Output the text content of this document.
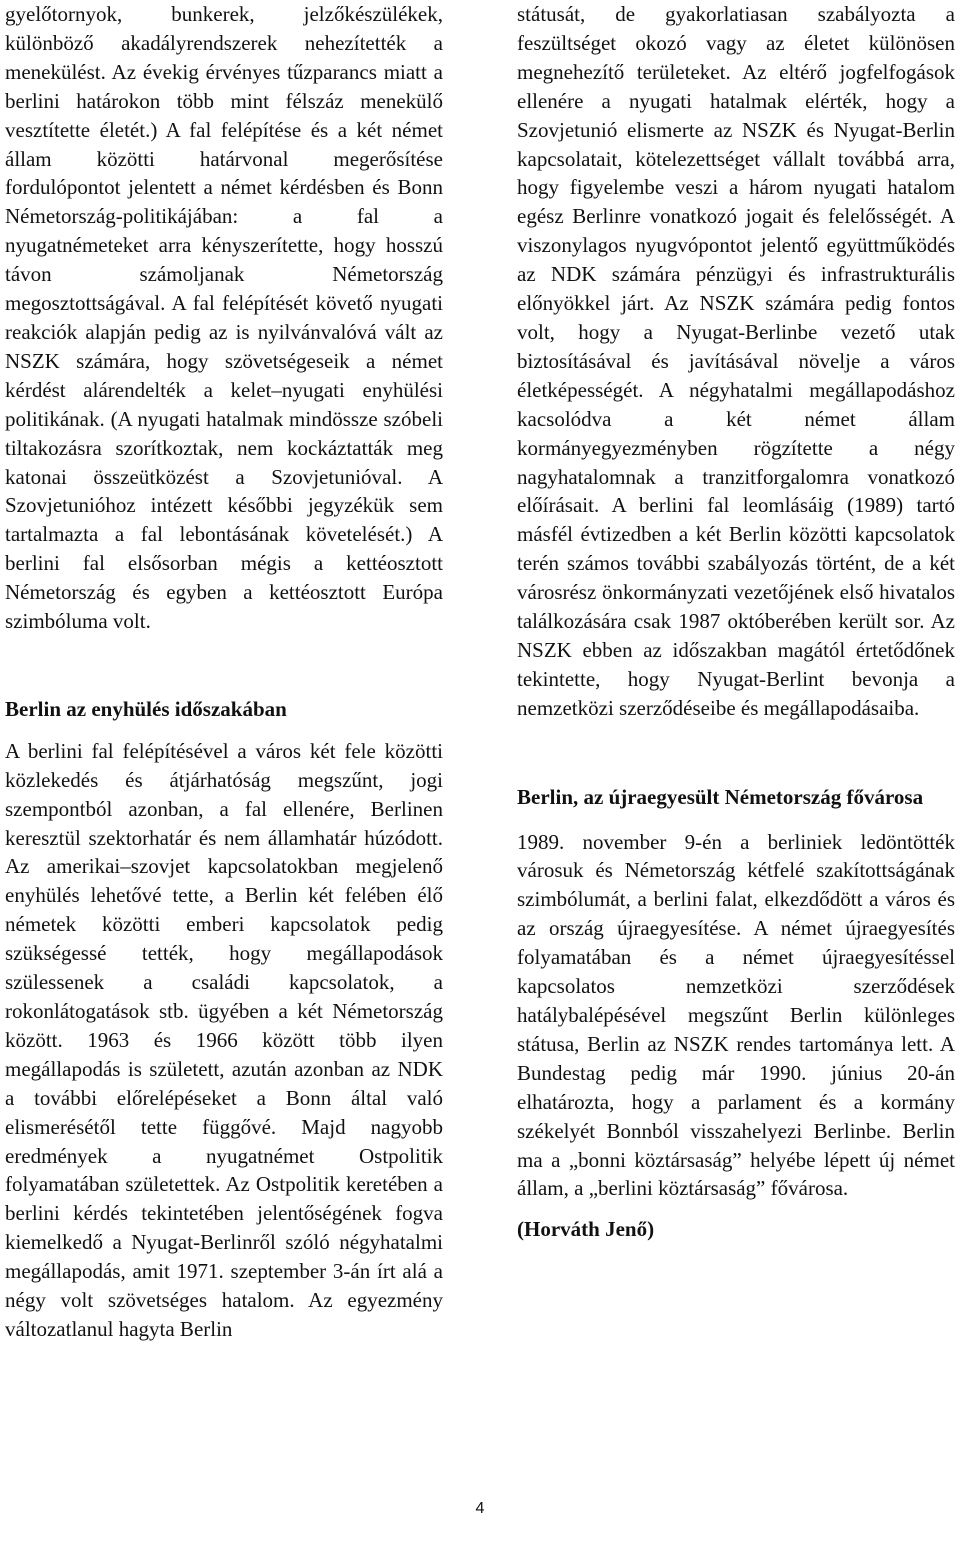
gyelőtornyok, bunkerek, jelzőkészülékek, különböző akadályrendszerek nehezítették a menekülést. Az évekig érvényes tűzparancs miatt a berlini határokon több mint félszáz menekülő vesztítette életét.) A fal felépítése és a két német állam közötti határvonal megerősítése fordulópontot jelentett a német kérdésben és Bonn Németország-politikájában: a fal a nyugatnémeteket arra kényszerítette, hogy hosszú távon számoljanak Németország megosztottságával. A fal felépítését követő nyugati reakciók alapján pedig az is nyilvánvalóvá vált az NSZK számára, hogy szövetségeseik a német kérdést alárendelték a kelet–nyugati enyhülési politikának. (A nyugati hatalmak mindössze szóbeli tiltakozásra szorítkoztak, nem kockáztatták meg katonai összeütközést a Szovjetunióval. A Szovjetunióhoz intézett későbbi jegyzékük sem tartalmazta a fal lebontásának követelését.) A berlini fal elsősorban mégis a kettéosztott Németország és egyben a kettéosztott Európa szimbóluma volt.

Berlin az enyhülés időszakában

A berlini fal felépítésével a város két fele közötti közlekedés és átjárhatóság megszűnt, jogi szempontból azonban, a fal ellenére, Berlinen keresztül szektorhatár és nem államhatár húzódott. Az amerikai–szovjet kapcsolatokban megjelenő enyhülés lehetővé tette, a Berlin két felében élő németek közötti emberi kapcsolatok pedig szükségessé tették, hogy megállapodások szülessenek a családi kapcsolatok, a rokonlátogatások stb. ügyében a két Németország között. 1963 és 1966 között több ilyen megállapodás is született, azután azonban az NDK a további előrelépéseket a Bonn által való elismerésétől tette függővé. Majd nagyobb eredmények a nyugatnémet Ostpolitik folyamatában születettek. Az Ostpolitik keretében a berlini kérdés tekintetében jelentőségének fogva kiemelkedő a Nyugat-Berlinről szóló négyhatalmi megállapodás, amit 1971. szeptember 3-án írt alá a négy volt szövetséges hatalom. Az egyezmény változatlanul hagyta Berlin

státusát, de gyakorlatiasan szabályozta a feszültséget okozó vagy az életet különösen megnehezítő területeket. Az eltérő jogfelfogások ellenére a nyugati hatalmak elérték, hogy a Szovjetunió elismerte az NSZK és Nyugat-Berlin kapcsolatait, kötelezettséget vállalt továbbá arra, hogy figyelembe veszi a három nyugati hatalom egész Berlinre vonatkozó jogait és felelősségét. A viszonylagos nyugvópontot jelentő együttműködés az NDK számára pénzügyi és infrastrukturális előnyökkel járt. Az NSZK számára pedig fontos volt, hogy a Nyugat-Berlinbe vezető utak biztosításával és javításával növelje a város életképességét. A négyhatalmi megállapodáshoz kacsolódva a két német állam kormányegyezményben rögzítette a négy nagyhatalomnak a tranzitforgalomra vonatkozó előírásait. A berlini fal leomlásáig (1989) tartó másfél évtizedben a két Berlin közötti kapcsolatok terén számos további szabályozás történt, de a két városrész önkormányzati vezetőjének első hivatalos találkozására csak 1987 októberében került sor. Az NSZK ebben az időszakban magától értetődőnek tekintette, hogy Nyugat-Berlint bevonja a nemzetközi szerződéseibe és megállapodásaiba.

Berlin, az újraegyesült Németország fővárosa

1989. november 9-én a berliniek ledöntötték városuk és Németország kétfelé szakítottságának szimbólumát, a berlini falat, elkezdődött a város és az ország újraegyesítése. A német újraegyesítés folyamatában és a német újraegyesítéssel kapcsolatos nemzetközi szerződések hatálybalépésével megszűnt Berlin különleges státusa, Berlin az NSZK rendes tartománya lett. A Bundestag pedig már 1990. június 20-án elhatározta, hogy a parlament és a kormány székelyét Bonnból visszahelyezi Berlinbe. Berlin ma a „bonni köztársaság” helyébe lépett új német állam, a „berlini köztársaság” fővárosa.

(Horváth Jenő)

4
